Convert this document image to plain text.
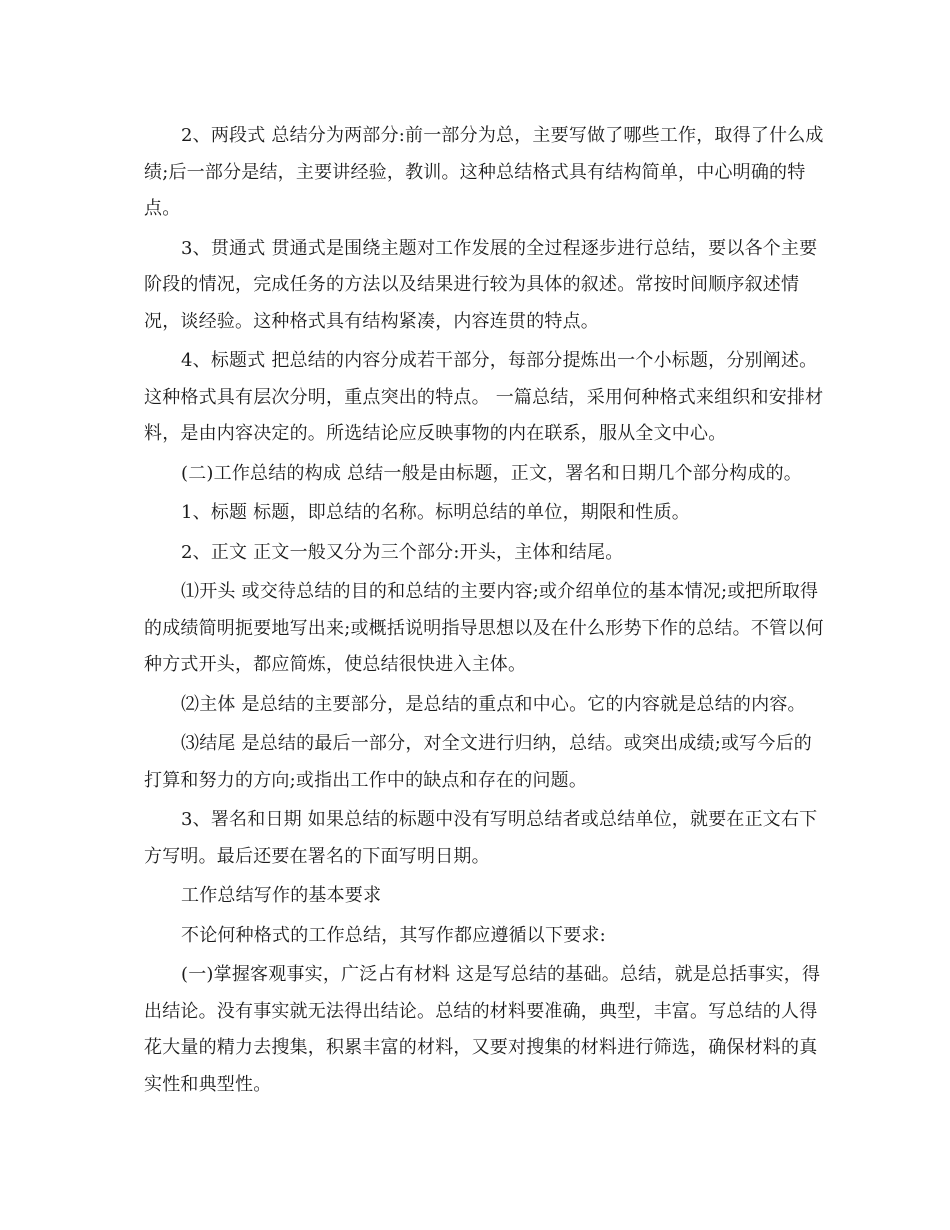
2、两段式 总结分为两部分:前一部分为总，主要写做了哪些工作，取得了什么成绩;后一部分是结，主要讲经验，教训。这种总结格式具有结构简单，中心明确的特点。

3、贯通式 贯通式是围绕主题对工作发展的全过程逐步进行总结，要以各个主要阶段的情况，完成任务的方法以及结果进行较为具体的叙述。常按时间顺序叙述情况，谈经验。这种格式具有结构紧凑，内容连贯的特点。

4、标题式 把总结的内容分成若干部分，每部分提炼出一个小标题，分别阐述。这种格式具有层次分明，重点突出的特点。 一篇总结，采用何种格式来组织和安排材料，是由内容决定的。所选结论应反映事物的内在联系，服从全文中心。

(二)工作总结的构成 总结一般是由标题，正文，署名和日期几个部分构成的。

1、标题 标题，即总结的名称。标明总结的单位，期限和性质。

2、正文 正文一般又分为三个部分:开头，主体和结尾。

⑴开头 或交待总结的目的和总结的主要内容;或介绍单位的基本情况;或把所取得的成绩简明扼要地写出来;或概括说明指导思想以及在什么形势下作的总结。不管以何种方式开头，都应简炼，使总结很快进入主体。

⑵主体 是总结的主要部分，是总结的重点和中心。它的内容就是总结的内容。

⑶结尾 是总结的最后一部分，对全文进行归纳，总结。或突出成绩;或写今后的打算和努力的方向;或指出工作中的缺点和存在的问题。

3、署名和日期 如果总结的标题中没有写明总结者或总结单位，就要在正文右下方写明。最后还要在署名的下面写明日期。

工作总结写作的基本要求

不论何种格式的工作总结，其写作都应遵循以下要求:

(一)掌握客观事实，广泛占有材料 这是写总结的基础。总结，就是总括事实，得出结论。没有事实就无法得出结论。总结的材料要准确，典型，丰富。写总结的人得花大量的精力去搜集，积累丰富的材料，又要对搜集的材料进行筛选，确保材料的真实性和典型性。
